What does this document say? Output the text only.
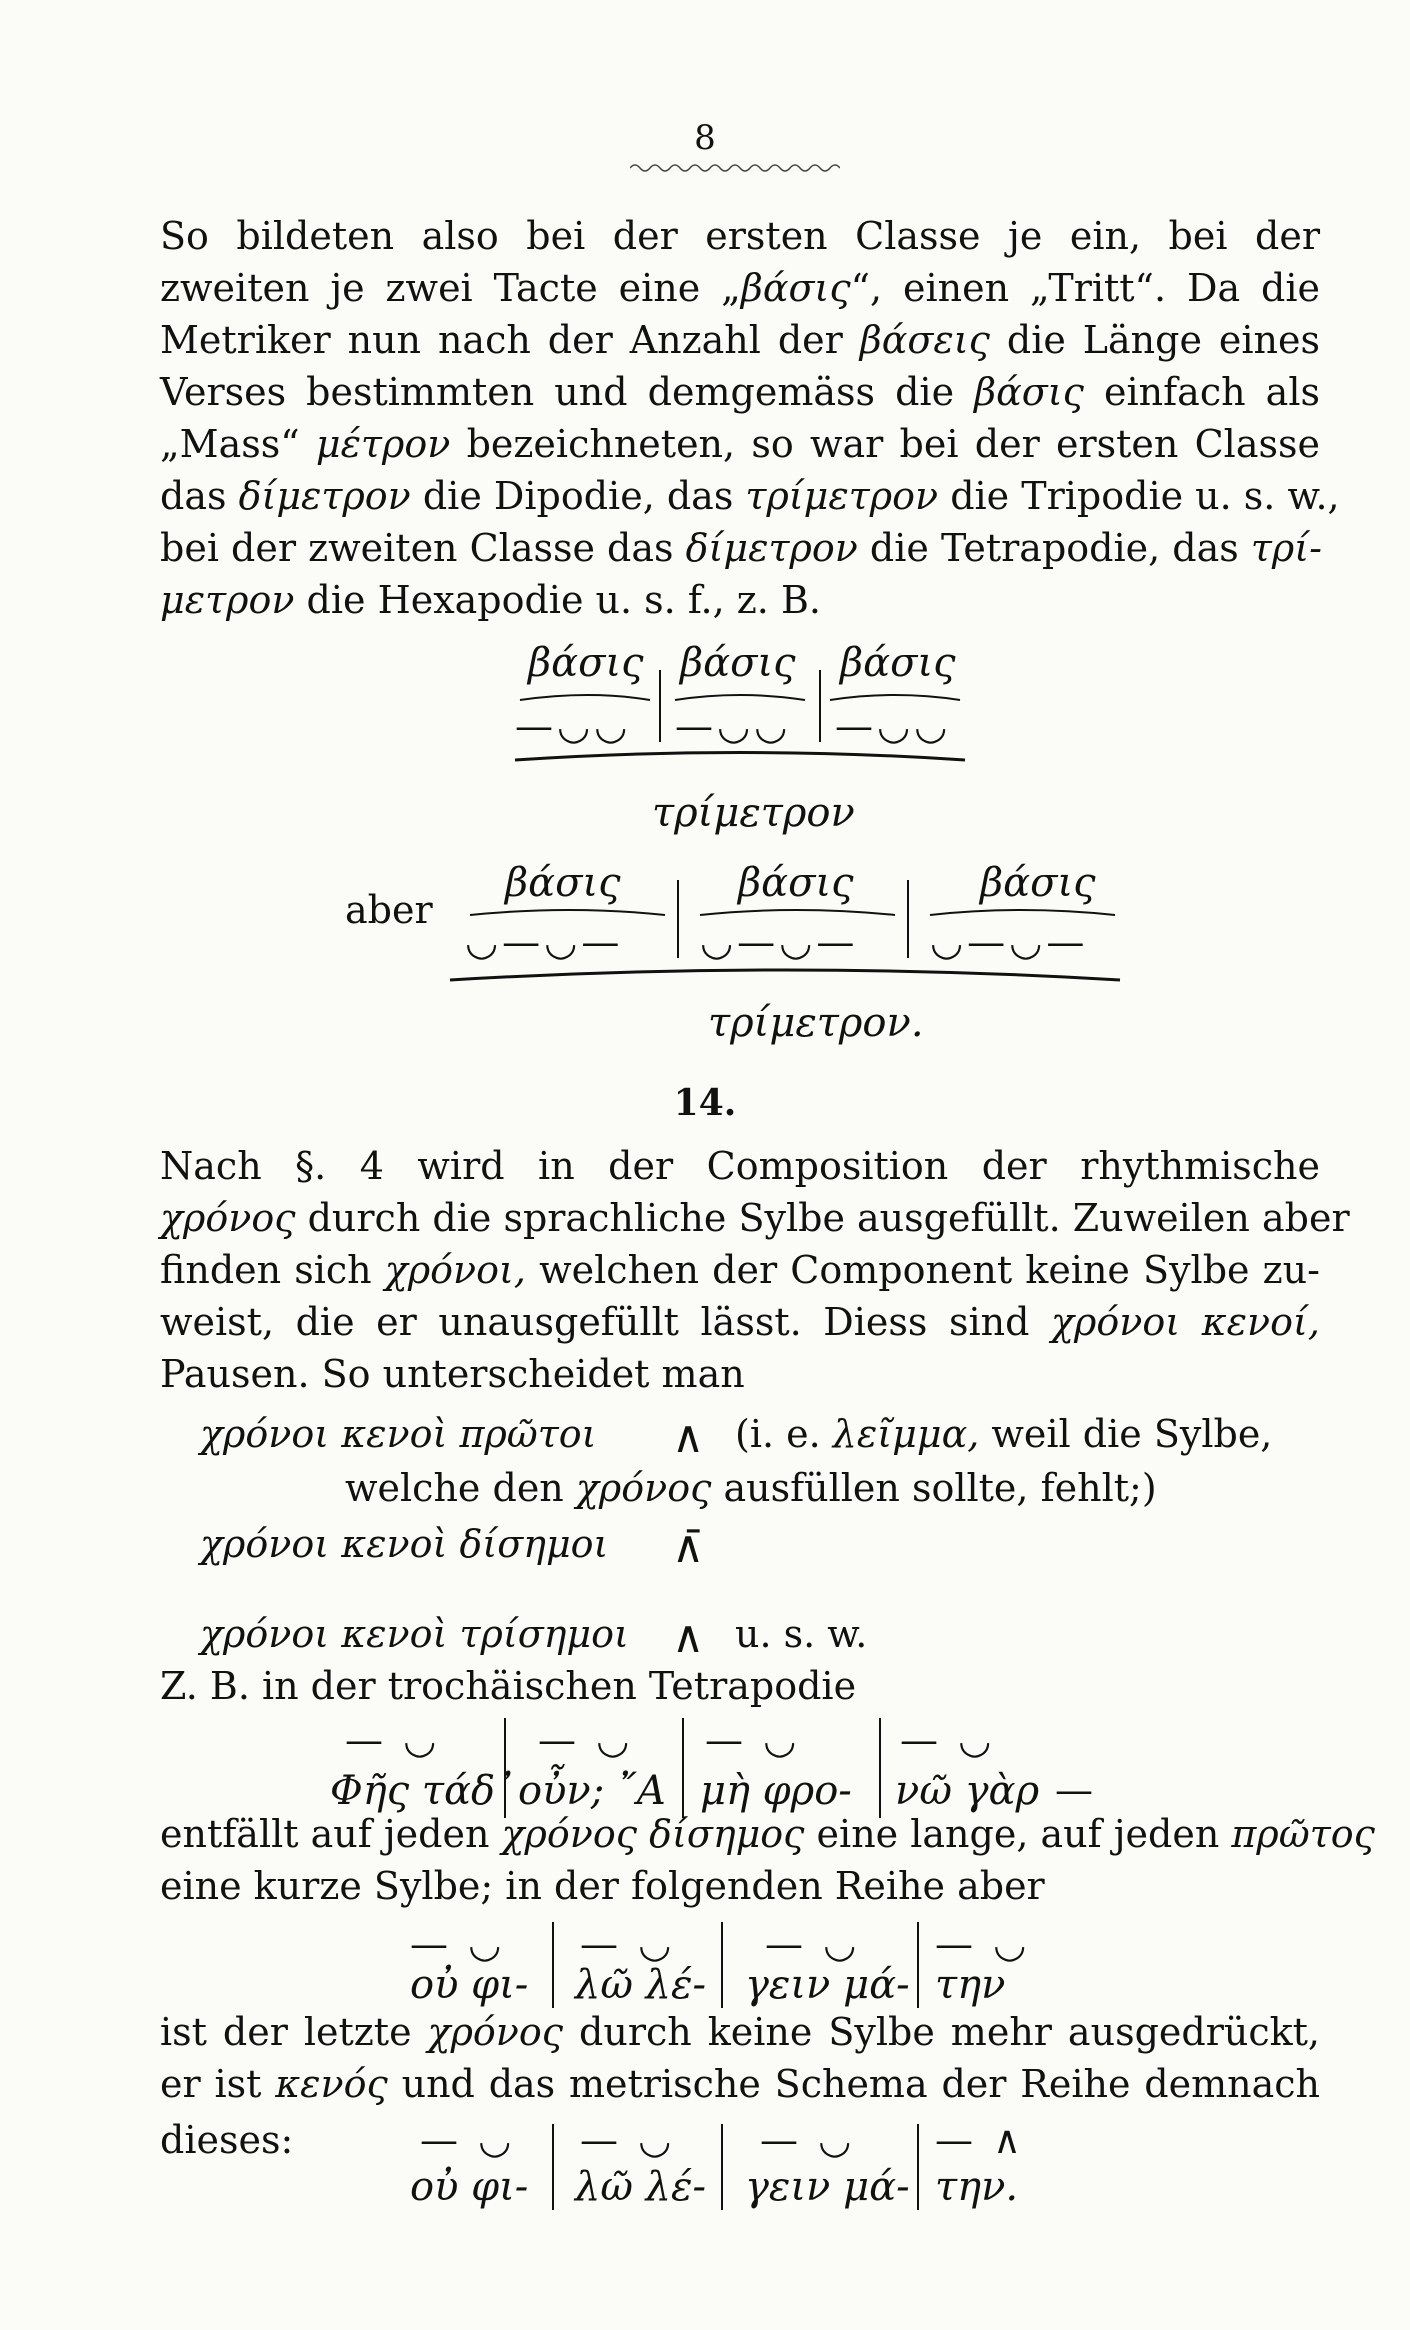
8
So bildeten also bei der ersten Classe je ein, bei der
zweiten je zwei Tacte eine „βάσις“, einen „Tritt“. Da die
Metriker nun nach der Anzahl der βάσεις die Länge eines
Verses bestimmten und demgemäss die βάσις einfach als
„Mass“ μέτρον bezeichneten, so war bei der ersten Classe
das δίμετρον die Dipodie, das τρίμετρον die Tripodie u. s. w.,
bei der zweiten Classe das δίμετρον die Tetrapodie, das τρί-
μετρον die Hexapodie u. s. f., z. B.
βάσις βάσις βάσις
—◡◡ —◡◡ —◡◡
τρίμετρον
aber
βάσις	βάσις	βάσις
◡—◡— ◡—◡— ◡—◡—
τρίμετρον.
14.
Nach §. 4 wird in der Composition der rhythmische
χρόνος durch die sprachliche Sylbe ausgefüllt. Zuweilen aber
finden sich χρόνοι, welchen der Component keine Sylbe zu-
weist, die er unausgefüllt lässt. Diess sind χρόνοι κενοί,
Pausen. So unterscheidet man
χρόνοι κενοὶ πρῶτοι ∧ (i. e. λεῖμμα, weil die Sylbe,
welche den χρόνος ausfüllen sollte, fehlt;)
χρόνοι κενοὶ δίσημοι ∧̄
χρόνοι κενοὶ τρίσημοι ∧ u. s. w.
Z. B. in der trochäischen Tetrapodie
— ◡	— ◡ — ◡	— ◡
Φῆς τάδ᾿ οὖν; ῎Α μὴ φρο- νῶ γὰρ —
entfällt auf jeden χρόνος δίσημος eine lange, auf jeden πρῶτος
eine kurze Sylbe; in der folgenden Reihe aber
— ◡ — ◡ — ◡ — ◡
οὐ φι- λῶ λέ- γειν μά- την
ist der letzte χρόνος durch keine Sylbe mehr ausgedrückt,
er ist κενός und das metrische Schema der Reihe demnach
dieses:	— ◡ — ◡ — ◡ — ∧
οὐ φι- λῶ λέ- γειν μά- την.
